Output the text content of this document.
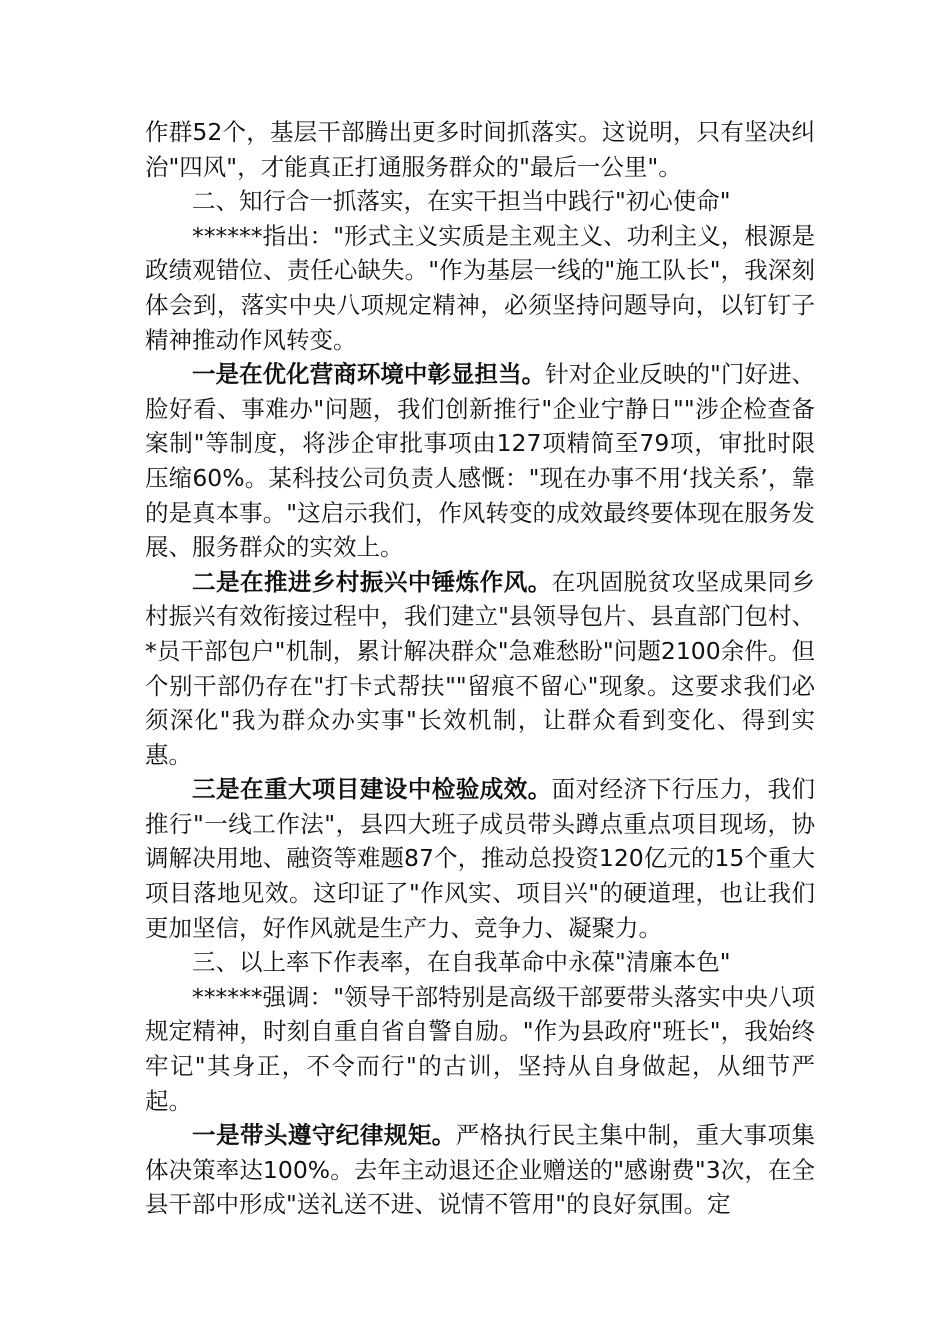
作群52个，基层干部腾出更多时间抓落实。这说明，只有坚决纠治"四风"，才能真正打通服务群众的"最后一公里"。

二、知行合一抓落实，在实干担当中践行"初心使命"

******指出："形式主义实质是主观主义、功利主义，根源是政绩观错位、责任心缺失。"作为基层一线的"施工队长"，我深刻体会到，落实中央八项规定精神，必须坚持问题导向，以钉钉子精神推动作风转变。

一是在优化营商环境中彰显担当。针对企业反映的"门好进、脸好看、事难办"问题，我们创新推行"企业宁静日""涉企检查备案制"等制度，将涉企审批事项由127项精简至79项，审批时限压缩60%。某科技公司负责人感慨："现在办事不用‘找关系’，靠的是真本事。"这启示我们，作风转变的成效最终要体现在服务发展、服务群众的实效上。

二是在推进乡村振兴中锤炼作风。在巩固脱贫攻坚成果同乡村振兴有效衔接过程中，我们建立"县领导包片、县直部门包村、*员干部包户"机制，累计解决群众"急难愁盼"问题2100余件。但个别干部仍存在"打卡式帮扶""留痕不留心"现象。这要求我们必须深化"我为群众办实事"长效机制，让群众看到变化、得到实惠。

三是在重大项目建设中检验成效。面对经济下行压力，我们推行"一线工作法"，县四大班子成员带头蹲点重点项目现场，协调解决用地、融资等难题87个，推动总投资120亿元的15个重大项目落地见效。这印证了"作风实、项目兴"的硬道理，也让我们更加坚信，好作风就是生产力、竞争力、凝聚力。

三、以上率下作表率，在自我革命中永葆"清廉本色"

******强调："领导干部特别是高级干部要带头落实中央八项规定精神，时刻自重自省自警自励。"作为县政府"班长"，我始终牢记"其身正，不令而行"的古训，坚持从自身做起，从细节严起。

一是带头遵守纪律规矩。严格执行民主集中制，重大事项集体决策率达100%。去年主动退还企业赠送的"感谢费"3次，在全县干部中形成"送礼送不进、说情不管用"的良好氛围。定
